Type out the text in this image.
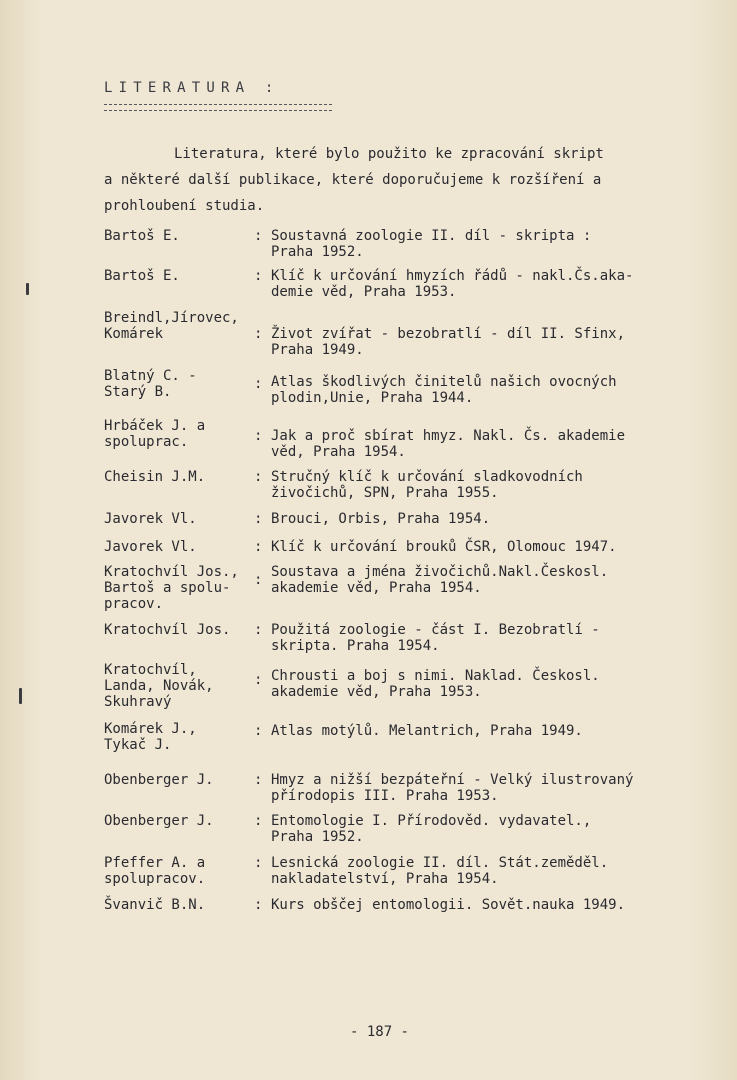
LITERATURA :
Literatura, které bylo použito ke zpracování skript
a některé další publikace, které doporučujeme k rozšíření a
prohloubení studia.
Bartoš E.	: Soustavná zoologie II. díl - skripta :
Praha 1952.
Bartoš E.	: Klíč k určování hmyzích řádů - nakl.Čs.aka-
demie věd, Praha 1953.
Breindl,Jírovec,
Komárek	: Život zvířat - bezobratlí - díl II. Sfinx,
Praha 1949.
Blatný C. -
Starý B.	: Atlas škodlivých činitelů našich ovocných
plodin,Unie, Praha 1944.
Hrbáček J. a
spoluprac.	: Jak a proč sbírat hmyz. Nakl. Čs. akademie
věd, Praha 1954.
Cheisin J.M.	: Stručný klíč k určování sladkovodních
živočichů, SPN, Praha 1955.
Javorek Vl.	: Brouci, Orbis, Praha 1954.
Javorek Vl.	: Klíč k určování brouků ČSR, Olomouc 1947.
Kratochvíl Jos.,
Bartoš a spolu-
pracov.
: Soustava a jména živočichů.Nakl.Českosl.
akademie věd, Praha 1954.
Kratochvíl Jos.	: Použitá zoologie - část I. Bezobratlí -
skripta. Praha 1954.
Kratochvíl,
Landa, Novák,
Skuhravý
: Chrousti a boj s nimi. Naklad. Českosl.
akademie věd, Praha 1953.
Komárek J.,
Tykač J.
: Atlas motýlů. Melantrich, Praha 1949.
Obenberger J.	: Hmyz a nižší bezpáteřní - Velký ilustrovaný
přírodopis III. Praha 1953.
Obenberger J.	: Entomologie I. Přírodověd. vydavatel.,
Praha 1952.
Pfeffer A. a
spolupracov.
: Lesnická zoologie II. díl. Stát.zeměděl.
nakladatelství, Praha 1954.
Švanvič B.N.	: Kurs obščej entomologii. Sovět.nauka 1949.
- 187 -
